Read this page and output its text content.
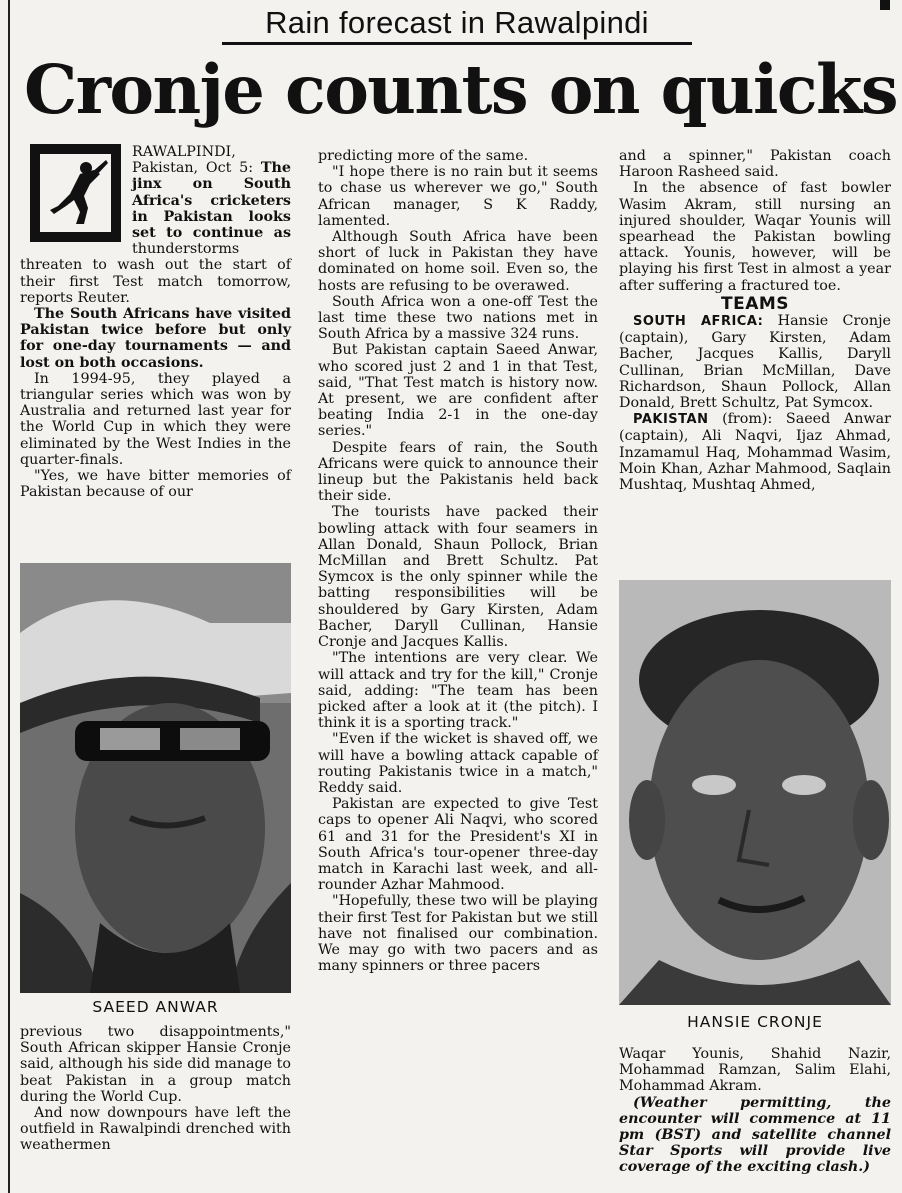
Rain forecast in Rawalpindi
Cronje counts on quicks

RAWALPINDI,
Pakistan, Oct 5: The jinx on South Africa's cricketers in Pakistan looks set to continue as thunderstorms threaten to wash out the start of their first Test match tomorrow, reports Reuter.

The South Africans have visited Pakistan twice before but only for one-day tournaments — and lost on both occasions.

In 1994-95, they played a triangular series which was won by Australia and returned last year for the World Cup in which they were eliminated by the West Indies in the quarter-finals.

"Yes, we have bitter memories of Pakistan because of our

SAEED ANWAR

previous two disappointments," South African skipper Hansie Cronje said, although his side did manage to beat Pakistan in a group match during the World Cup.

And now downpours have left the outfield in Rawalpindi drenched with weathermen

predicting more of the same.

"I hope there is no rain but it seems to chase us wherever we go," South African manager, S K Raddy, lamented.

Although South Africa have been short of luck in Pakistan they have dominated on home soil. Even so, the hosts are refusing to be overawed.

South Africa won a one-off Test the last time these two nations met in South Africa by a massive 324 runs.

But Pakistan captain Saeed Anwar, who scored just 2 and 1 in that Test, said, "That Test match is history now. At present, we are confident after beating India 2-1 in the one-day series."

Despite fears of rain, the South Africans were quick to announce their lineup but the Pakistanis held back their side.

The tourists have packed their bowling attack with four seamers in Allan Donald, Shaun Pollock, Brian McMillan and Brett Schultz. Pat Symcox is the only spinner while the batting responsibilities will be shouldered by Gary Kirsten, Adam Bacher, Daryll Cullinan, Hansie Cronje and Jacques Kallis.

"The intentions are very clear. We will attack and try for the kill," Cronje said, adding: "The team has been picked after a look at it (the pitch). I think it is a sporting track."

"Even if the wicket is shaved off, we will have a bowling attack capable of routing Pakistanis twice in a match," Reddy said.

Pakistan are expected to give Test caps to opener Ali Naqvi, who scored 61 and 31 for the President's XI in South Africa's tour-opener three-day match in Karachi last week, and all-rounder Azhar Mahmood.

"Hopefully, these two will be playing their first Test for Pakistan but we still have not finalised our combination. We may go with two pacers and as many spinners or three pacers

and a spinner," Pakistan coach Haroon Rasheed said.

In the absence of fast bowler Wasim Akram, still nursing an injured shoulder, Waqar Younis will spearhead the Pakistan bowling attack. Younis, however, will be playing his first Test in almost a year after suffering a fractured toe.

TEAMS

SOUTH AFRICA: Hansie Cronje (captain), Gary Kirsten, Adam Bacher, Jacques Kallis, Daryll Cullinan, Brian McMillan, Dave Richardson, Shaun Pollock, Allan Donald, Brett Schultz, Pat Symcox.

PAKISTAN (from): Saeed Anwar (captain), Ali Naqvi, Ijaz Ahmad, Inzamamul Haq, Mohammad Wasim, Moin Khan, Azhar Mahmood, Saqlain Mushtaq, Mushtaq Ahmed,

HANSIE CRONJE

Waqar Younis, Shahid Nazir, Mohammad Ramzan, Salim Elahi, Mohammad Akram.

(Weather permitting, the encounter will commence at 11 pm (BST) and satellite channel Star Sports will provide live coverage of the exciting clash.)
